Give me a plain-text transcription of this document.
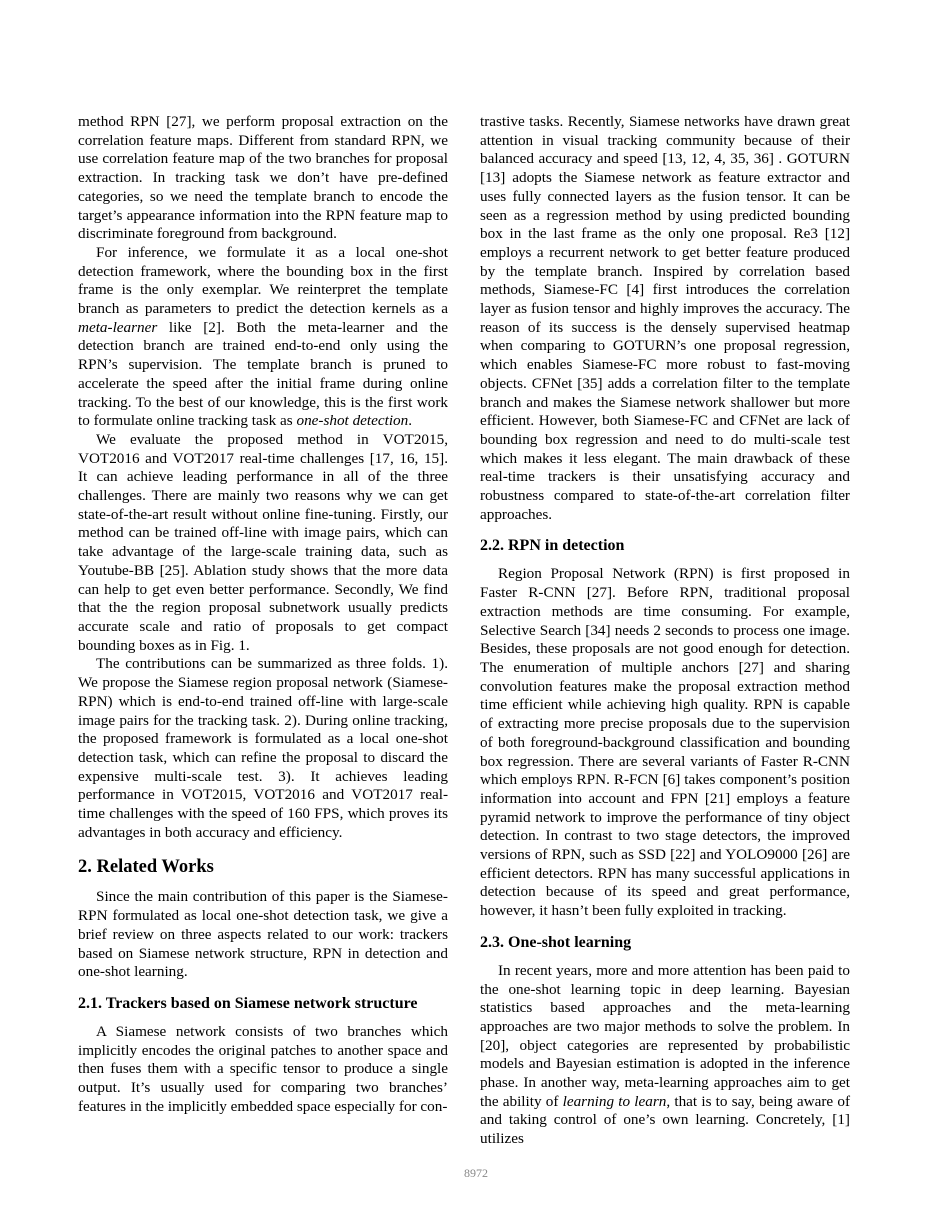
method RPN [27], we perform proposal extraction on the correlation feature maps. Different from standard RPN, we use correlation feature map of the two branches for proposal extraction. In tracking task we don’t have pre-defined categories, so we need the template branch to encode the target’s appearance information into the RPN feature map to discriminate foreground from background.

For inference, we formulate it as a local one-shot detection framework, where the bounding box in the first frame is the only exemplar. We reinterpret the template branch as parameters to predict the detection kernels as a meta-learner like [2]. Both the meta-learner and the detection branch are trained end-to-end only using the RPN’s supervision. The template branch is pruned to accelerate the speed after the initial frame during online tracking. To the best of our knowledge, this is the first work to formulate online tracking task as one-shot detection.

We evaluate the proposed method in VOT2015, VOT2016 and VOT2017 real-time challenges [17, 16, 15]. It can achieve leading performance in all of the three challenges. There are mainly two reasons why we can get state-of-the-art result without online fine-tuning. Firstly, our method can be trained off-line with image pairs, which can take advantage of the large-scale training data, such as Youtube-BB [25]. Ablation study shows that the more data can help to get even better performance. Secondly, We find that the the region proposal subnetwork usually predicts accurate scale and ratio of proposals to get compact bounding boxes as in Fig. 1.

The contributions can be summarized as three folds. 1). We propose the Siamese region proposal network (Siamese-RPN) which is end-to-end trained off-line with large-scale image pairs for the tracking task. 2). During online tracking, the proposed framework is formulated as a local one-shot detection task, which can refine the proposal to discard the expensive multi-scale test. 3). It achieves leading performance in VOT2015, VOT2016 and VOT2017 real-time challenges with the speed of 160 FPS, which proves its advantages in both accuracy and efficiency.

2. Related Works

Since the main contribution of this paper is the Siamese-RPN formulated as local one-shot detection task, we give a brief review on three aspects related to our work: trackers based on Siamese network structure, RPN in detection and one-shot learning.

2.1. Trackers based on Siamese network structure

A Siamese network consists of two branches which implicitly encodes the original patches to another space and then fuses them with a specific tensor to produce a single output. It’s usually used for comparing two branches’ features in the implicitly embedded space especially for con-

trastive tasks. Recently, Siamese networks have drawn great attention in visual tracking community because of their balanced accuracy and speed [13, 12, 4, 35, 36] . GOTURN [13] adopts the Siamese network as feature extractor and uses fully connected layers as the fusion tensor. It can be seen as a regression method by using predicted bounding box in the last frame as the only one proposal. Re3 [12] employs a recurrent network to get better feature produced by the template branch. Inspired by correlation based methods, Siamese-FC [4] first introduces the correlation layer as fusion tensor and highly improves the accuracy. The reason of its success is the densely supervised heatmap when comparing to GOTURN’s one proposal regression, which enables Siamese-FC more robust to fast-moving objects. CFNet [35] adds a correlation filter to the template branch and makes the Siamese network shallower but more efficient. However, both Siamese-FC and CFNet are lack of bounding box regression and need to do multi-scale test which makes it less elegant. The main drawback of these real-time trackers is their unsatisfying accuracy and robustness compared to state-of-the-art correlation filter approaches.

2.2. RPN in detection

Region Proposal Network (RPN) is first proposed in Faster R-CNN [27]. Before RPN, traditional proposal extraction methods are time consuming. For example, Selective Search [34] needs 2 seconds to process one image. Besides, these proposals are not good enough for detection. The enumeration of multiple anchors [27] and sharing convolution features make the proposal extraction method time efficient while achieving high quality. RPN is capable of extracting more precise proposals due to the supervision of both foreground-background classification and bounding box regression. There are several variants of Faster R-CNN which employs RPN. R-FCN [6] takes component’s position information into account and FPN [21] employs a feature pyramid network to improve the performance of tiny object detection. In contrast to two stage detectors, the improved versions of RPN, such as SSD [22] and YOLO9000 [26] are efficient detectors. RPN has many successful applications in detection because of its speed and great performance, however, it hasn’t been fully exploited in tracking.

2.3. One-shot learning

In recent years, more and more attention has been paid to the one-shot learning topic in deep learning. Bayesian statistics based approaches and the meta-learning approaches are two major methods to solve the problem. In [20], object categories are represented by probabilistic models and Bayesian estimation is adopted in the inference phase. In another way, meta-learning approaches aim to get the ability of learning to learn, that is to say, being aware of and taking control of one’s own learning. Concretely, [1] utilizes

8972
